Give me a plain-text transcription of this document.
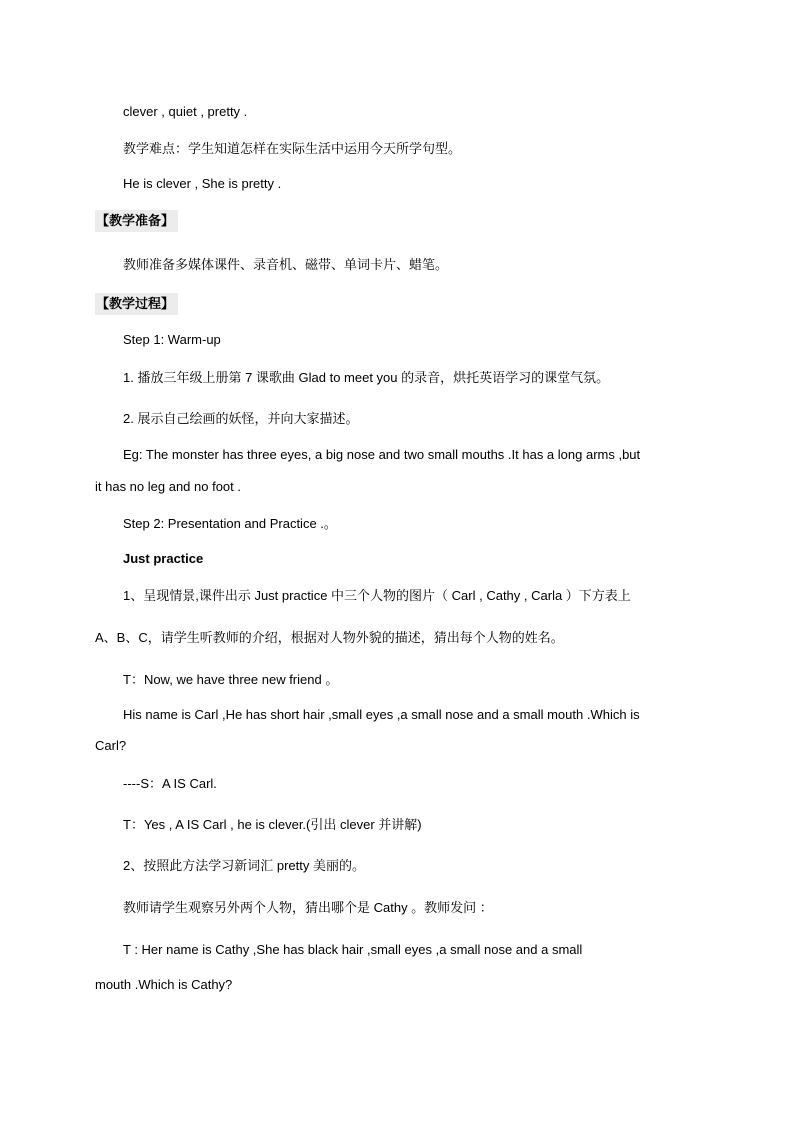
clever , quiet , pretty .
教学难点：学生知道怎样在实际生活中运用今天所学句型。
He is clever , She is pretty .
【教学准备】
教师准备多媒体课件、录音机、磁带、单词卡片、蜡笔。
【教学过程】
Step 1: Warm-up
1. 播放三年级上册第 7 课歌曲 Glad to meet you 的录音，烘托英语学习的课堂气氛。
2. 展示自己绘画的妖怪，并向大家描述。
Eg: The monster has three eyes, a big nose and two small mouths .It has a long arms ,but
it has no leg and no foot .
Step 2: Presentation and Practice .。
Just practice
1、呈现情景,课件出示 Just practice 中三个人物的图片（ Carl , Cathy , Carla ）下方表上
A、B、C，请学生听教师的介绍，根据对人物外貌的描述，猜出每个人物的姓名。
T：Now, we have three new friend 。
His name is Carl ,He has short hair ,small eyes ,a small nose and a small mouth .Which is
Carl?
----S：A IS Carl.
T：Yes , A IS Carl , he is clever.(引出 clever 并讲解)
2、按照此方法学习新词汇 pretty 美丽的。
教师请学生观察另外两个人物，猜出哪个是 Cathy 。教师发问 ：
T : Her name is Cathy ,She has black hair ,small eyes ,a small nose and a small
mouth .Which is Cathy?
